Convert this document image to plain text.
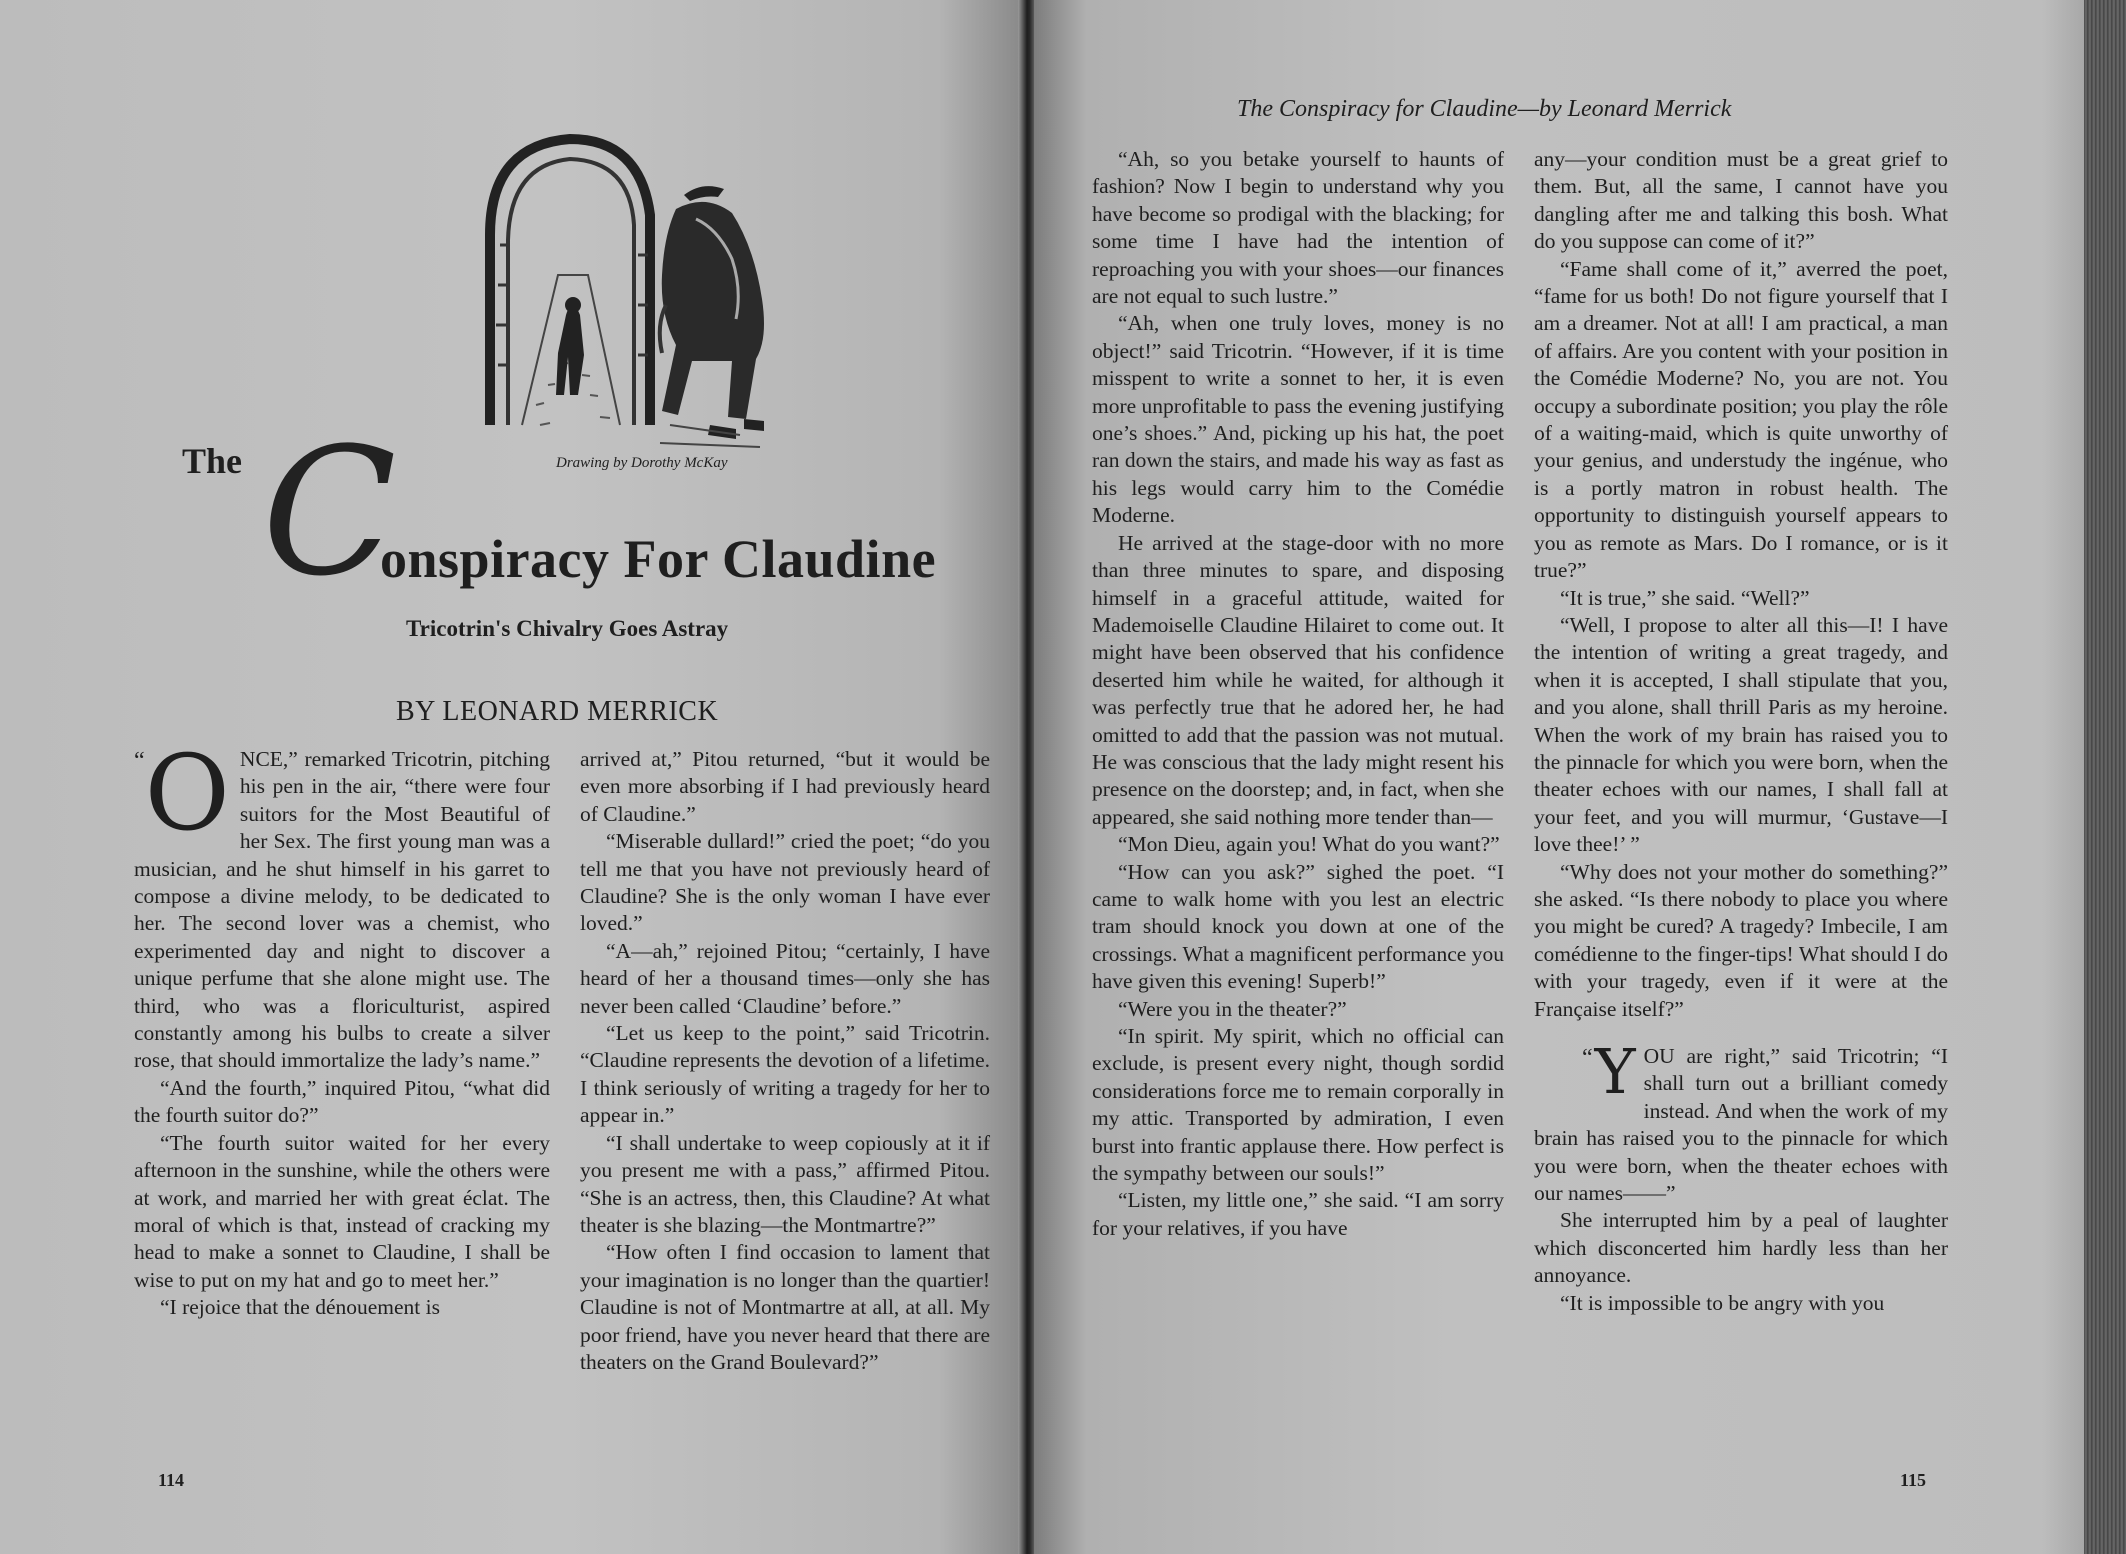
Drawing by Dorothy McKay
The C
onspiracy For Claudine
Tricotrin's Chivalry Goes Astray
BY LEONARD MERRICK

“ O NCE,” remarked Tricotrin, pitching his pen in the air, “there were four suitors for the Most Beautiful of her Sex. The first young man was a musician, and he shut himself in his garret to compose a divine melody, to be dedicated to her. The second lover was a chemist, who experimented day and night to discover a unique perfume that she alone might use. The third, who was a floriculturist, aspired constantly among his bulbs to create a silver rose, that should immortalize the lady’s name.”

“And the fourth,” inquired Pitou, “what did the fourth suitor do?”

“The fourth suitor waited for her every afternoon in the sunshine, while the others were at work, and married her with great éclat. The moral of which is that, instead of cracking my head to make a sonnet to Claudine, I shall be wise to put on my hat and go to meet her.”

“I rejoice that the dénouement is

arrived at,” Pitou returned, “but it would be even more absorbing if I had previously heard of Claudine.”

“Miserable dullard!” cried the poet; “do you tell me that you have not previously heard of Claudine? She is the only woman I have ever loved.”

“A—ah,” rejoined Pitou; “certainly, I have heard of her a thousand times—only she has never been called ‘Claudine’ before.”

“Let us keep to the point,” said Tricotrin. “Claudine represents the devotion of a lifetime. I think seriously of writing a tragedy for her to appear in.”

“I shall undertake to weep copiously at it if you present me with a pass,” affirmed Pitou. “She is an actress, then, this Claudine? At what theater is she blazing—the Montmartre?”

“How often I find occasion to lament that your imagination is no longer than the quartier! Claudine is not of Montmartre at all, at all. My poor friend, have you never heard that there are theaters on the Grand Boulevard?”

114	115
The Conspiracy for Claudine—by Leonard Merrick

“Ah, so you betake yourself to haunts of fashion? Now I begin to understand why you have become so prodigal with the blacking; for some time I have had the intention of reproaching you with your shoes—our finances are not equal to such lustre.”

“Ah, when one truly loves, money is no object!” said Tricotrin. “However, if it is time misspent to write a sonnet to her, it is even more unprofitable to pass the evening justifying one’s shoes.” And, picking up his hat, the poet ran down the stairs, and made his way as fast as his legs would carry him to the Comédie Moderne.

He arrived at the stage-door with no more than three minutes to spare, and disposing himself in a graceful attitude, waited for Mademoiselle Claudine Hilairet to come out. It might have been observed that his confidence deserted him while he waited, for although it was perfectly true that he adored her, he had omitted to add that the passion was not mutual. He was conscious that the lady might resent his presence on the doorstep; and, in fact, when she appeared, she said nothing more tender than—

“Mon Dieu, again you! What do you want?”

“How can you ask?” sighed the poet. “I came to walk home with you lest an electric tram should knock you down at one of the crossings. What a magnificent performance you have given this evening! Superb!”

“Were you in the theater?”

“In spirit. My spirit, which no official can exclude, is present every night, though sordid considerations force me to remain corporally in my attic. Transported by admiration, I even burst into frantic applause there. How perfect is the sympathy between our souls!”

“Listen, my little one,” she said. “I am sorry for your relatives, if you have

any—your condition must be a great grief to them. But, all the same, I cannot have you dangling after me and talking this bosh. What do you suppose can come of it?”

“Fame shall come of it,” averred the poet, “fame for us both! Do not figure yourself that I am a dreamer. Not at all! I am practical, a man of affairs. Are you content with your position in the Comédie Moderne? No, you are not. You occupy a subordinate position; you play the rôle of a waiting-maid, which is quite unworthy of your genius, and understudy the ingénue, who is a portly matron in robust health. The opportunity to distinguish yourself appears to you as remote as Mars. Do I romance, or is it true?”

“It is true,” she said. “Well?”

“Well, I propose to alter all this—I! I have the intention of writing a great tragedy, and when it is accepted, I shall stipulate that you, and you alone, shall thrill Paris as my heroine. When the work of my brain has raised you to the pinnacle for which you were born, when the theater echoes with our names, I shall fall at your feet, and you will murmur, ‘Gustave—I love thee!’ ”

“Why does not your mother do something?” she asked. “Is there nobody to place you where you might be cured? A tragedy? Imbecile, I am comédienne to the finger-tips! What should I do with your tragedy, even if it were at the Française itself?”

“ Y OU are right,” said Tricotrin; “I shall turn out a brilliant comedy instead. And when the work of my brain has raised you to the pinnacle for which you were born, when the theater echoes with our names——”

She interrupted him by a peal of laughter which disconcerted him hardly less than her annoyance.

“It is impossible to be angry with you
